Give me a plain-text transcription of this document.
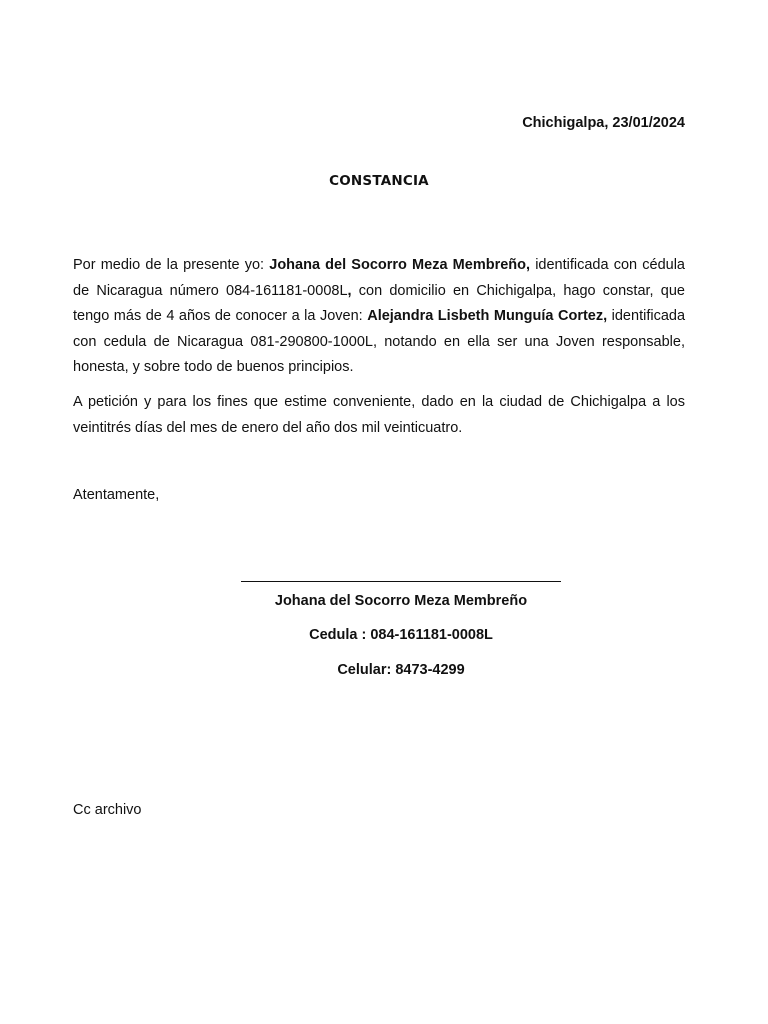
Chichigalpa, 23/01/2024
CONSTANCIA

Por medio de la presente yo: Johana del Socorro Meza Membreño, identificada con cédula de Nicaragua número 084-161181-0008L, con domicilio en Chichigalpa, hago constar, que tengo más de 4 años de conocer a la Joven: Alejandra Lisbeth Munguía Cortez, identificada con cedula de Nicaragua 081-290800-1000L, notando en ella ser una Joven responsable, honesta, y sobre todo de buenos principios.

A petición y para los fines que estime conveniente, dado en la ciudad de Chichigalpa a los veintitrés días del mes de enero del año dos mil veinticuatro.

Atentamente,
Johana del Socorro Meza Membreño
Cedula : 084-161181-0008L
Celular: 8473-4299
Cc archivo
